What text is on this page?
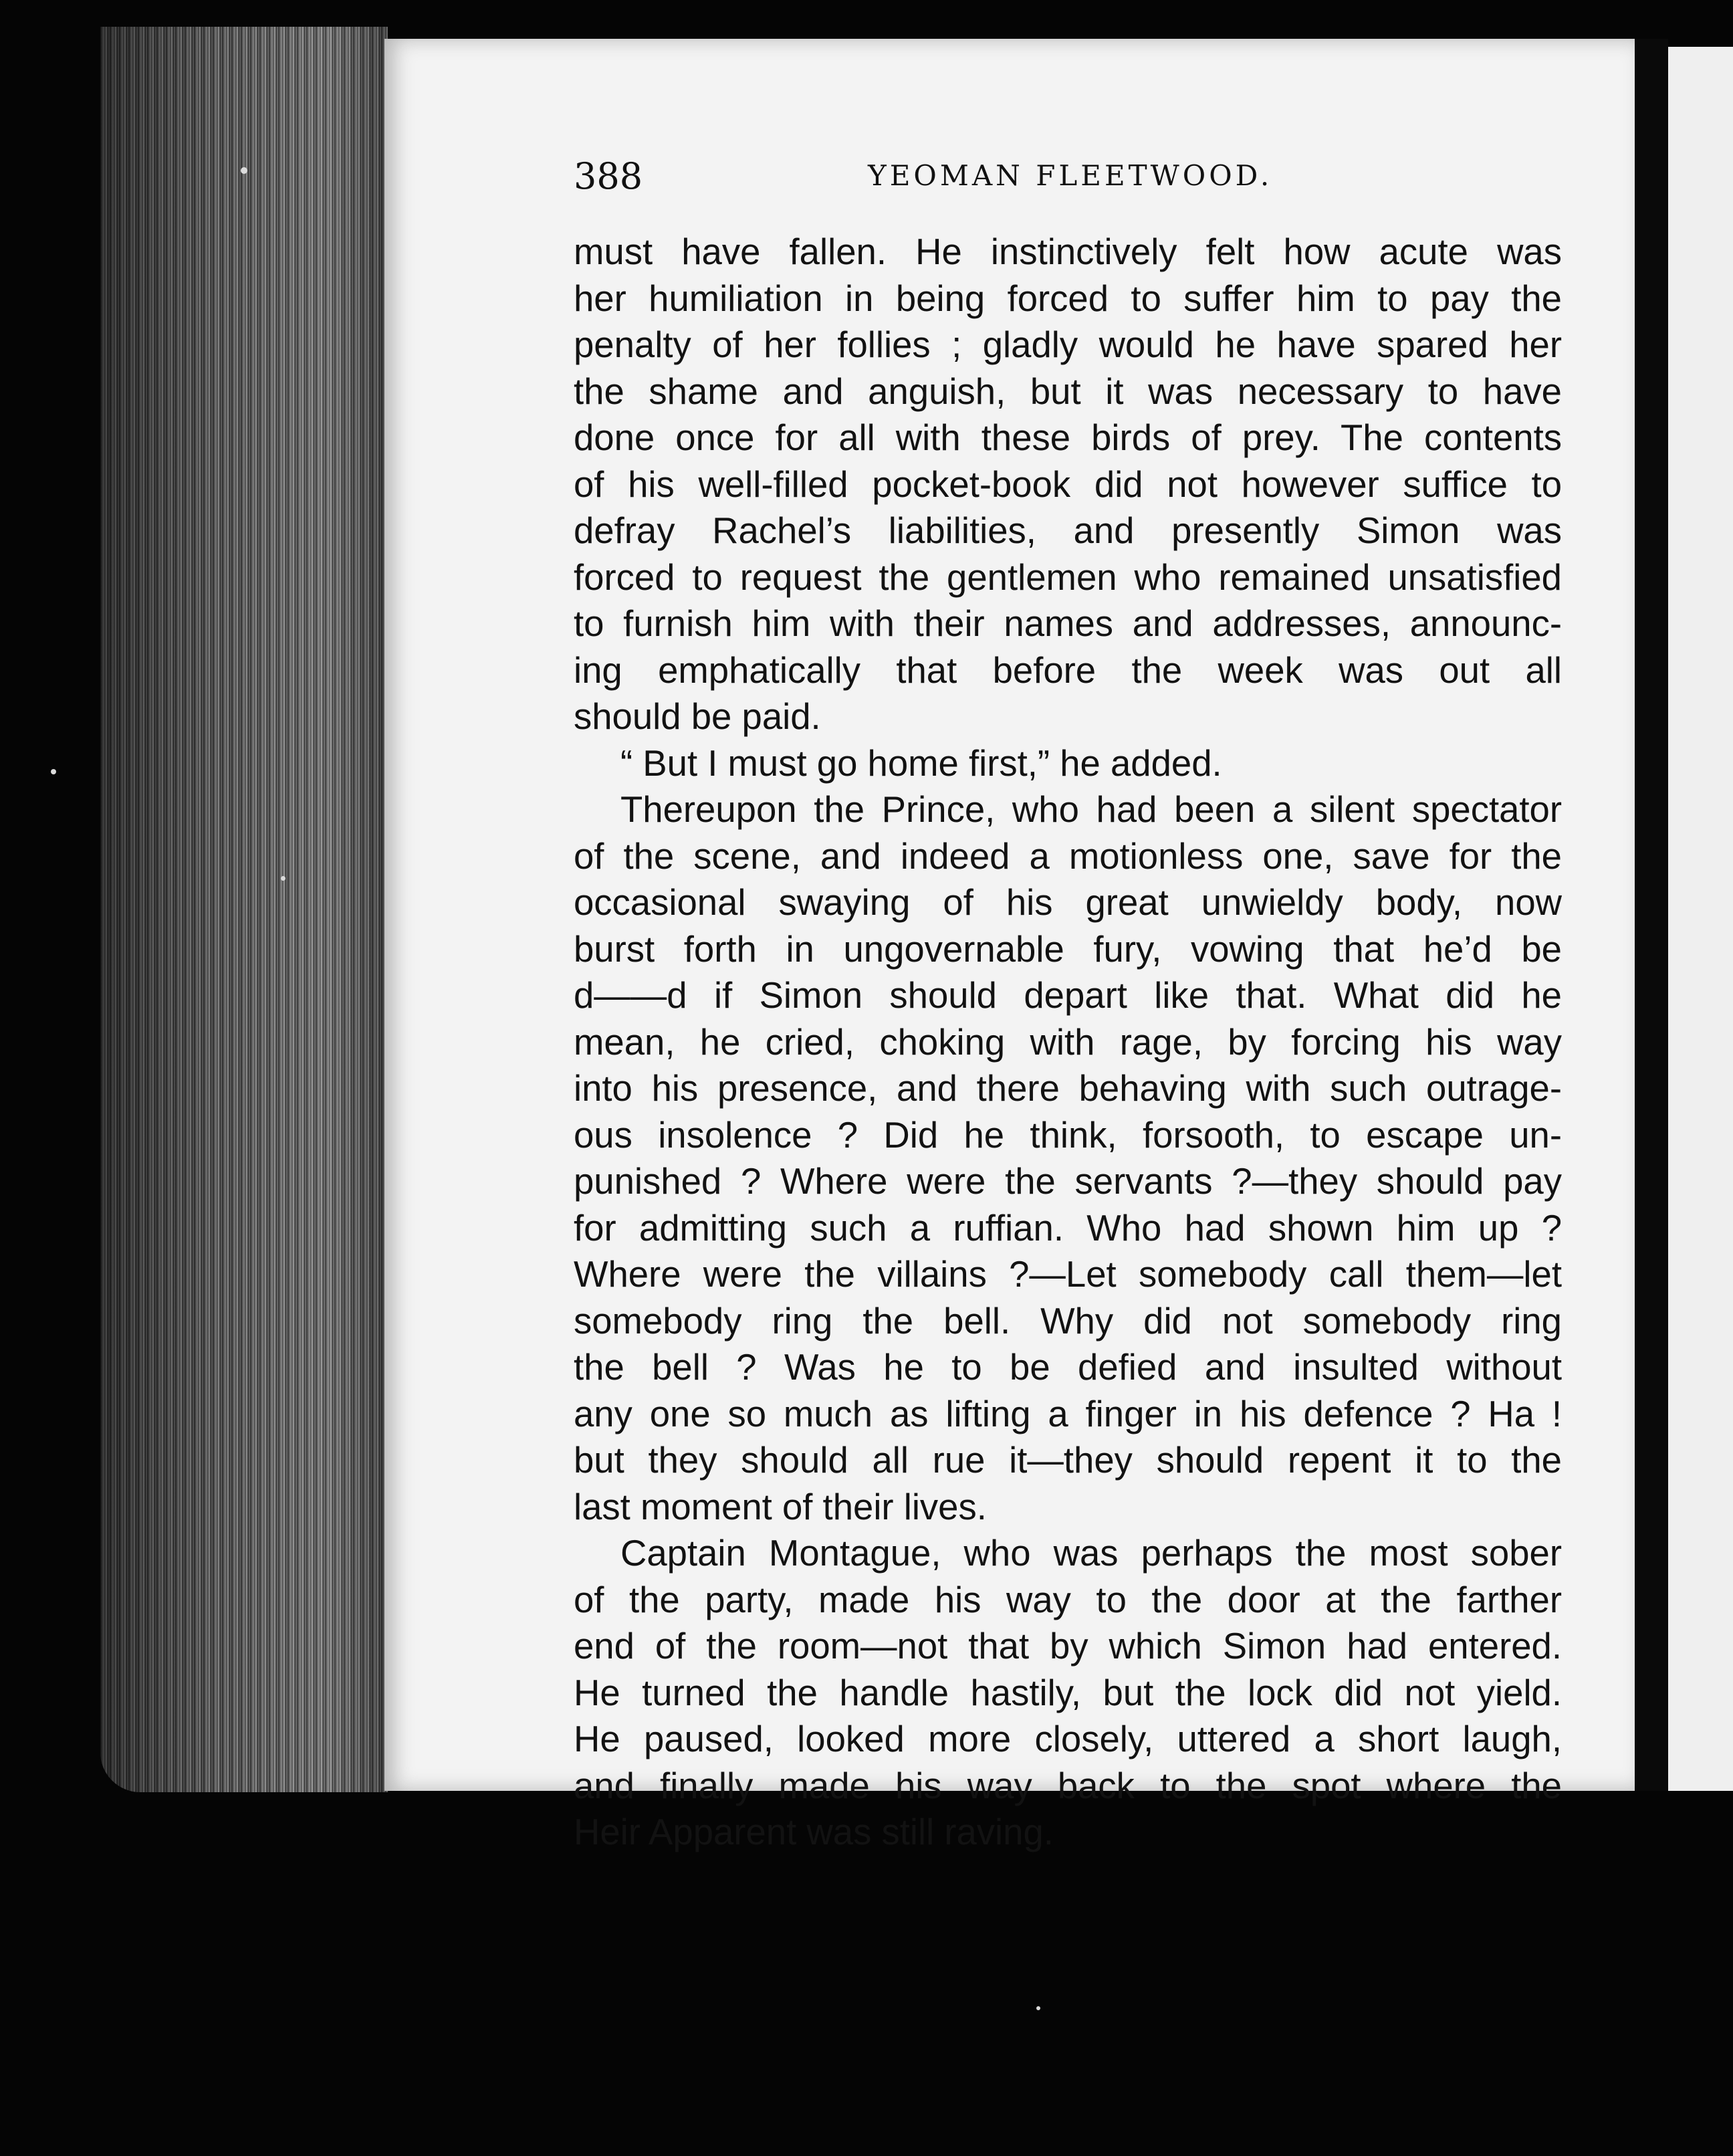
388	YEOMAN FLEETWOOD.
must have fallen. He instinctively felt how acute was
her humiliation in being forced to suffer him to pay the
penalty of her follies ; gladly would he have spared her
the shame and anguish, but it was necessary to have
done once for all with these birds of prey. The contents
of his well-filled pocket-book did not however suffice to
defray Rachel’s liabilities, and presently Simon was
forced to request the gentlemen who remained unsatisfied
to furnish him with their names and addresses, announc-
ing emphatically that before the week was out all
should be paid.
“ But I must go home first,” he added.
Thereupon the Prince, who had been a silent spectator
of the scene, and indeed a motionless one, save for the
occasional swaying of his great unwieldy body, now
burst forth in ungovernable fury, vowing that he’d be
d——d if Simon should depart like that. What did he
mean, he cried, choking with rage, by forcing his way
into his presence, and there behaving with such outrage-
ous insolence ? Did he think, forsooth, to escape un-
punished ? Where were the servants ?—they should pay
for admitting such a ruffian. Who had shown him up ?
Where were the villains ?—Let somebody call them—let
somebody ring the bell. Why did not somebody ring
the bell ? Was he to be defied and insulted without
any one so much as lifting a finger in his defence ? Ha !
but they should all rue it—they should repent it to the
last moment of their lives.
Captain Montague, who was perhaps the most sober
of the party, made his way to the door at the farther
end of the room—not that by which Simon had entered.
He turned the handle hastily, but the lock did not yield.
He paused, looked more closely, uttered a short laugh,
and finally made his way back to the spot where the
Heir Apparent was still raving.
